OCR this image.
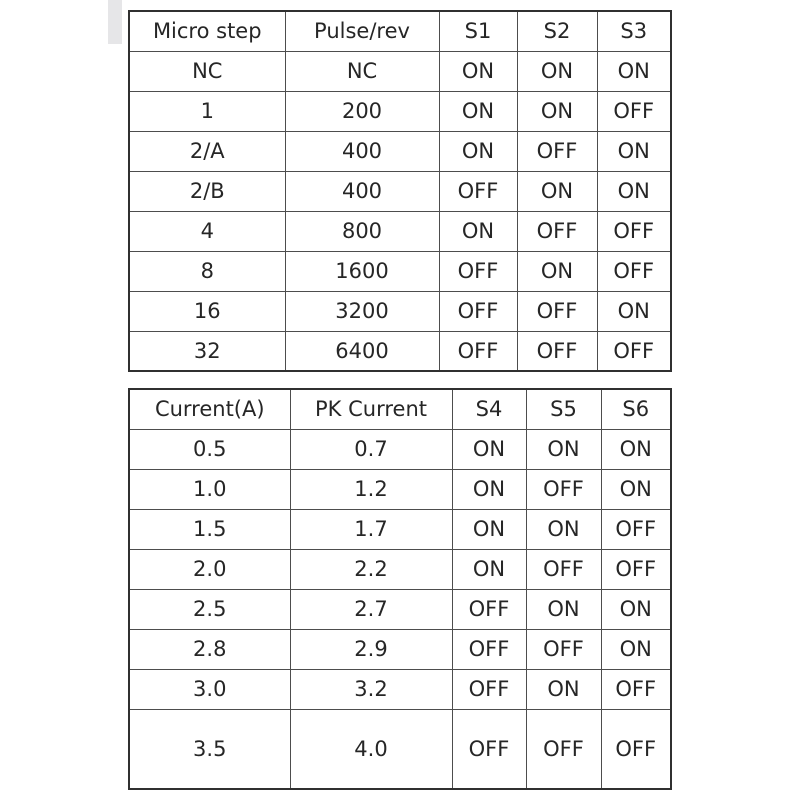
Micro step	Pulse/rev	S1	S2	S3
NC	NC	ON	ON	ON
1	200	ON	ON	OFF
2/A	400	ON	OFF	ON
2/B	400	OFF	ON	ON
4	800	ON	OFF	OFF
8	1600	OFF	ON	OFF
16	3200	OFF	OFF	ON
32	6400	OFF	OFF	OFF
Current(A)	PK Current	S4	S5	S6
0.5	0.7	ON	ON	ON
1.0	1.2	ON	OFF	ON
1.5	1.7	ON	ON	OFF
2.0	2.2	ON	OFF	OFF
2.5	2.7	OFF	ON	ON
2.8	2.9	OFF	OFF	ON
3.0	3.2	OFF	ON	OFF
3.5	4.0	OFF	OFF	OFF
